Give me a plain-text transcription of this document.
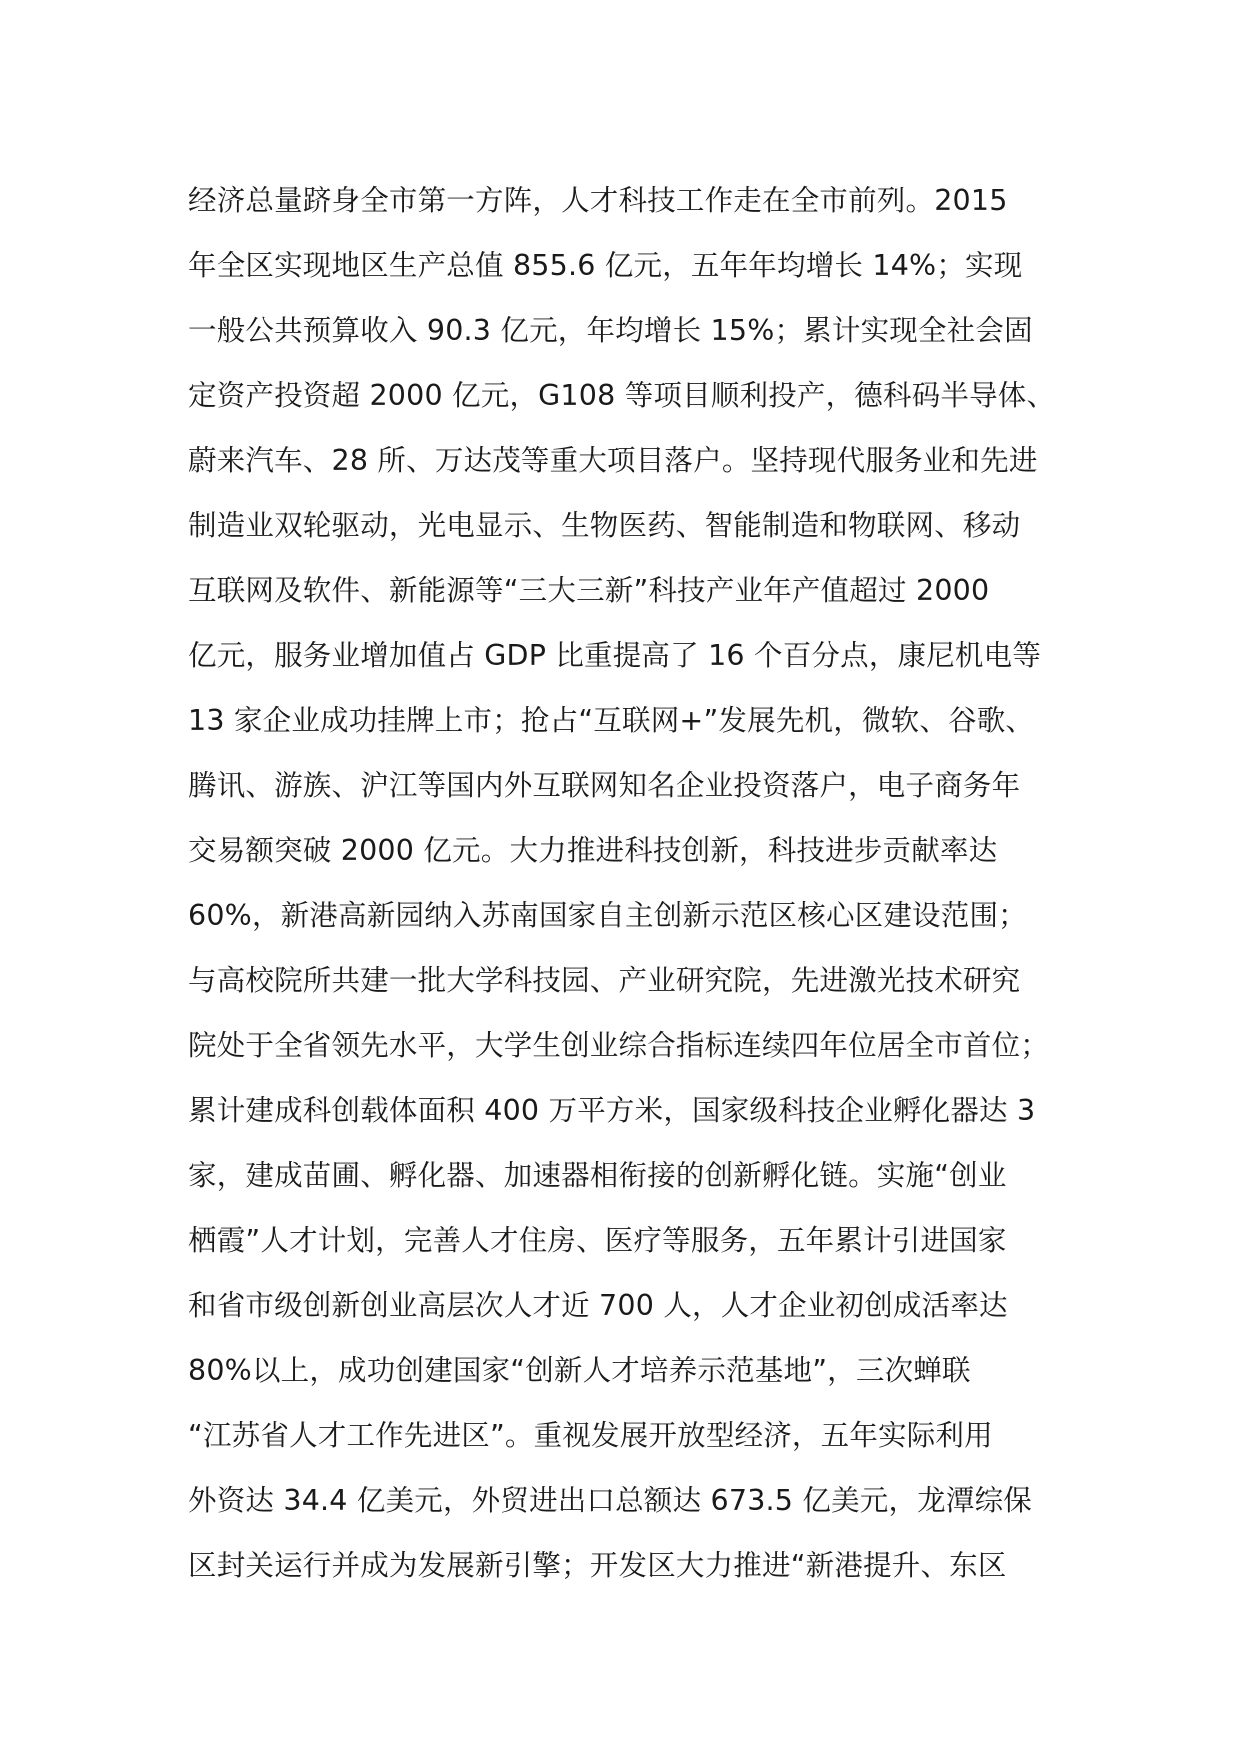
经济总量跻身全市第一方阵，人才科技工作走在全市前列。2015
年全区实现地区生产总值 855.6 亿元，五年年均增长 14%；实现
一般公共预算收入 90.3 亿元，年均增长 15%；累计实现全社会固
定资产投资超 2000 亿元，G108 等项目顺利投产，德科码半导体、
蔚来汽车、28 所、万达茂等重大项目落户。坚持现代服务业和先进
制造业双轮驱动，光电显示、生物医药、智能制造和物联网、移动
互联网及软件、新能源等“三大三新”科技产业年产值超过 2000
亿元，服务业增加值占 GDP 比重提高了 16 个百分点，康尼机电等
13 家企业成功挂牌上市；抢占“互联网+”发展先机，微软、谷歌、
腾讯、游族、沪江等国内外互联网知名企业投资落户，电子商务年
交易额突破 2000 亿元。大力推进科技创新，科技进步贡献率达
60%，新港高新园纳入苏南国家自主创新示范区核心区建设范围；
与高校院所共建一批大学科技园、产业研究院，先进激光技术研究
院处于全省领先水平，大学生创业综合指标连续四年位居全市首位；
累计建成科创载体面积 400 万平方米，国家级科技企业孵化器达 3
家，建成苗圃、孵化器、加速器相衔接的创新孵化链。实施“创业
栖霞”人才计划，完善人才住房、医疗等服务，五年累计引进国家
和省市级创新创业高层次人才近 700 人，人才企业初创成活率达
80%以上，成功创建国家“创新人才培养示范基地”，三次蝉联
“江苏省人才工作先进区”。重视发展开放型经济，五年实际利用
外资达 34.4 亿美元，外贸进出口总额达 673.5 亿美元，龙潭综保
区封关运行并成为发展新引擎；开发区大力推进“新港提升、东区
